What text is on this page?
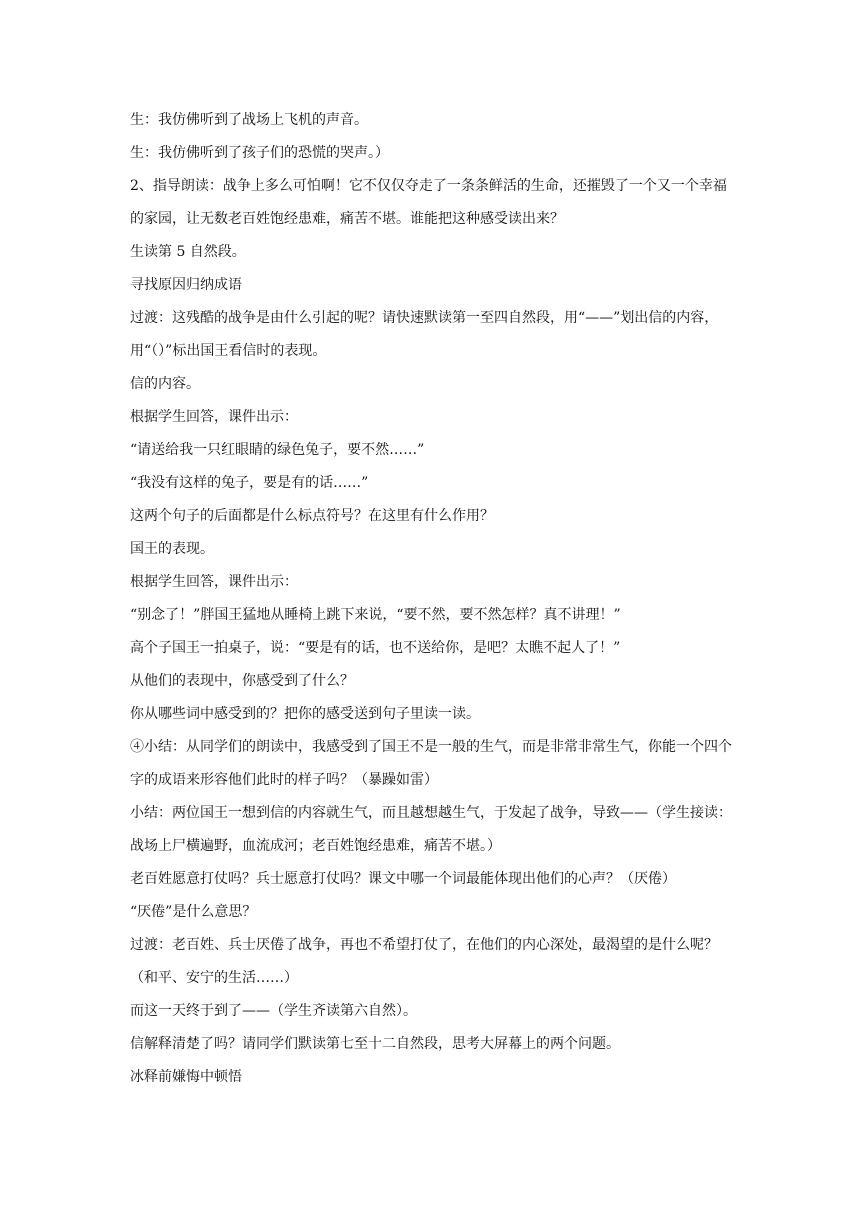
生：我仿佛听到了战场上飞机的声音。

生：我仿佛听到了孩子们的恐慌的哭声。）

2、指导朗读：战争上多么可怕啊！它不仅仅夺走了一条条鲜活的生命，还摧毁了一个又一个幸福的家园，让无数老百姓饱经患难，痛苦不堪。谁能把这种感受读出来？

生读第 5 自然段。

寻找原因归纳成语

过渡：这残酷的战争是由什么引起的呢？请快速默读第一至四自然段，用“——”划出信的内容，用“（）”标出国王看信时的表现。

信的内容。

根据学生回答，课件出示：

“请送给我一只红眼睛的绿色兔子，要不然……”

“我没有这样的兔子，要是有的话……”

这两个句子的后面都是什么标点符号？在这里有什么作用？

国王的表现。

根据学生回答，课件出示：

“别念了！”胖国王猛地从睡椅上跳下来说，“要不然，要不然怎样？真不讲理！”

高个子国王一拍桌子，说：“要是有的话，也不送给你，是吧？太瞧不起人了！”

从他们的表现中，你感受到了什么？

你从哪些词中感受到的？把你的感受送到句子里读一读。

④小结：从同学们的朗读中，我感受到了国王不是一般的生气，而是非常非常生气，你能一个四个字的成语来形容他们此时的样子吗？（暴躁如雷）

小结：两位国王一想到信的内容就生气，而且越想越生气，于发起了战争，导致——（学生接读：战场上尸横遍野，血流成河；老百姓饱经患难，痛苦不堪。）

老百姓愿意打仗吗？兵士愿意打仗吗？课文中哪一个词最能体现出他们的心声？（厌倦）

“厌倦”是什么意思？

过渡：老百姓、兵士厌倦了战争，再也不希望打仗了，在他们的内心深处，最渴望的是什么呢？（和平、安宁的生活……）

而这一天终于到了——（学生齐读第六自然）。

信解释清楚了吗？请同学们默读第七至十二自然段，思考大屏幕上的两个问题。

冰释前嫌悔中顿悟
